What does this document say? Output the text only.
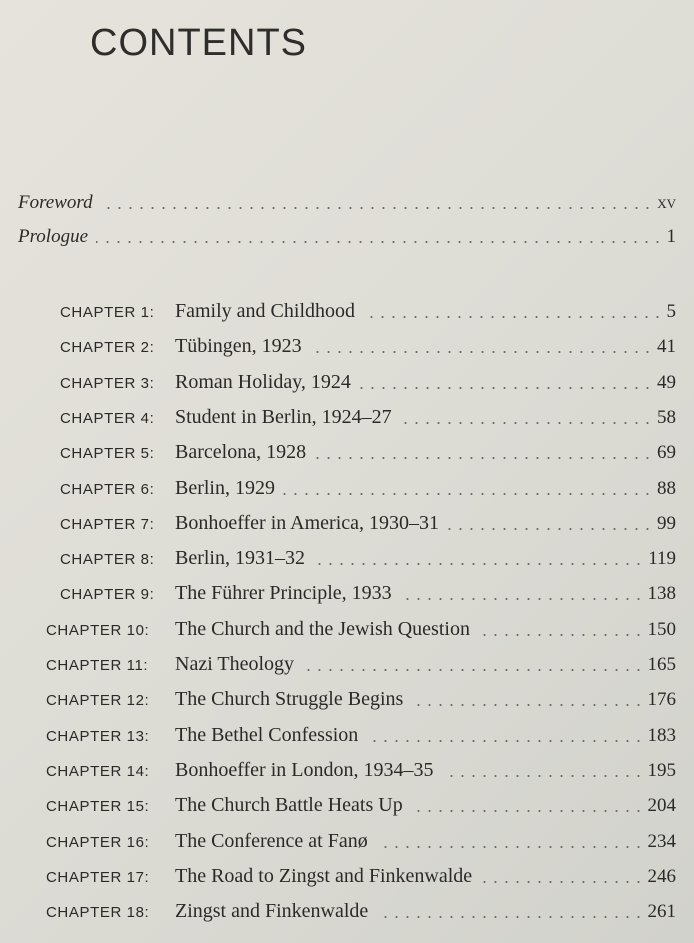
CONTENTS
Foreword	xv
Prologue	1
CHAPTER 1: Family and Childhood	5
CHAPTER 2: Tübingen, 1923	41
CHAPTER 3: Roman Holiday, 1924	49
CHAPTER 4: Student in Berlin, 1924–27	58
CHAPTER 5: Barcelona, 1928	69
CHAPTER 6: Berlin, 1929	88
CHAPTER 7: Bonhoeffer in America, 1930–31	99
CHAPTER 8: Berlin, 1931–32	119
CHAPTER 9: The Führer Principle, 1933	138
CHAPTER 10: The Church and the Jewish Question	150
CHAPTER 11: Nazi Theology	165
CHAPTER 12: The Church Struggle Begins	176
CHAPTER 13: The Bethel Confession	183
CHAPTER 14: Bonhoeffer in London, 1934–35	195
CHAPTER 15: The Church Battle Heats Up	204
CHAPTER 16: The Conference at Fanø	234
CHAPTER 17: The Road to Zingst and Finkenwalde	246
CHAPTER 18: Zingst and Finkenwalde	261
